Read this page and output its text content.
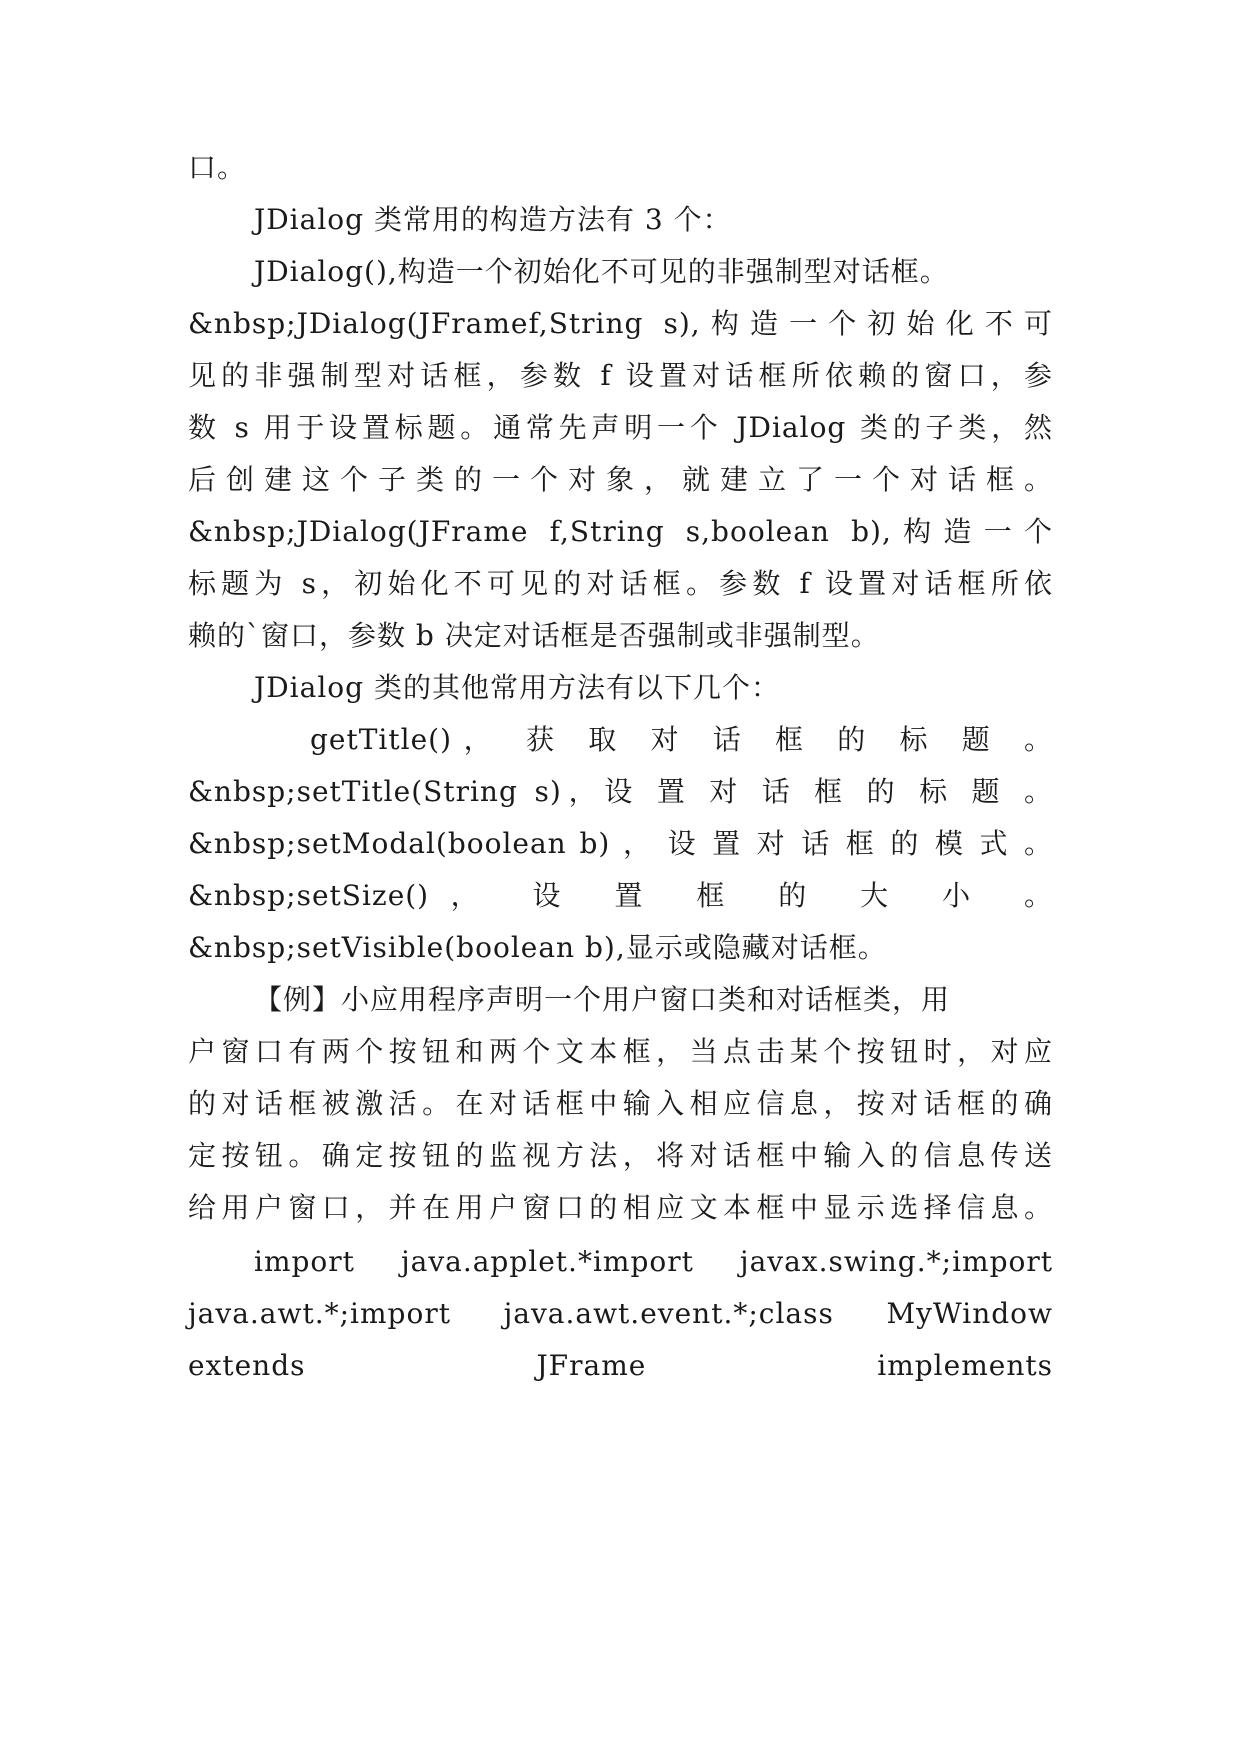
口。
JDialog 类常用的构造方法有 3 个：
JDialog(),构造一个初始化不可见的非强制型对话框。
&nbsp;JDialog(JFramef,String s),构造一个初始化不可
见的非强制型对话框，参数 f 设置对话框所依赖的窗口，参
数 s 用于设置标题。通常先声明一个 JDialog 类的子类，然
后创建这个子类的一个对象，就建立了一个对话框。
&nbsp;JDialog(JFrame f,String s,boolean b),构造一个
标题为 s，初始化不可见的对话框。参数 f 设置对话框所依
赖的`窗口，参数 b 决定对话框是否强制或非强制型。
JDialog 类的其他常用方法有以下几个：
getTitle()， 获 取 对 话 框 的 标 题 。
&nbsp;setTitle(String s)，设 置 对 话 框 的 标 题 。
&nbsp;setModal(boolean b) ， 设 置 对 话 框 的 模 式 。
&nbsp;setSize()， 设 置 框 的 大 小 。
&nbsp;setVisible(boolean b),显示或隐藏对话框。
【例】小应用程序声明一个用户窗口类和对话框类，用
户窗口有两个按钮和两个文本框，当点击某个按钮时，对应
的对话框被激活。在对话框中输入相应信息，按对话框的确
定按钮。确定按钮的监视方法，将对话框中输入的信息传送
给用户窗口，并在用户窗口的相应文本框中显示选择信息。
import java.applet.*import javax.swing.*;import
java.awt.*;import java.awt.event.*;class MyWindow
extends JFrame implements
